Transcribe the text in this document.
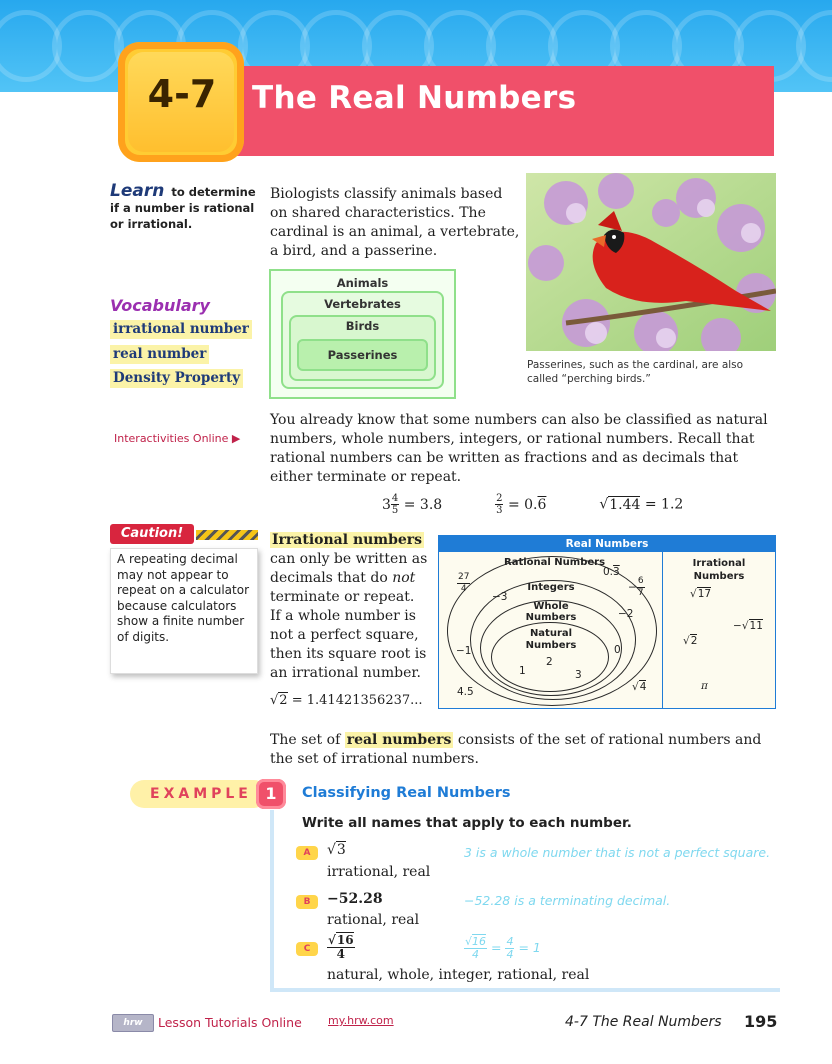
The Real Numbers
4-7
Learn to determine if a number is rational or irrational.
Biologists classify animals based on shared characteristics. The cardinal is an animal, a vertebrate, a bird, and a passerine.
Passerines, such as the cardinal, are also called “perching birds.”
Animals
Vertebrates
Birds
Passerines
Vocabulary
irrational number
real number
Density Property
Interactivities Online ▶
You already know that some numbers can also be classified as natural numbers, whole numbers, integers, or rational numbers. Recall that rational numbers can be written as fractions and as decimals that either terminate or repeat.
$3 \frac{4}{5} = 3.8$	$\frac{2}{3} = 0.6$	√1.44 = 1.2
Caution!
A repeating decimal may not appear to repeat on a calculator because calculators show a finite number of digits.
Irrational numbers can only be written as decimals that do not terminate or repeat. If a whole number is not a perfect square, then its square root is an irrational number.
√2 = 1.41421356237...
Real Numbers
Rational Numbers
Integers
Whole Numbers
Natural Numbers
Irrational Numbers
$\frac{27}{4}$	0.3
− $\frac{6}{7}$
−3
−2
−1	0
2
1	3
√4
4.5
√17
−√11
√2
π
The set of real numbers consists of the set of rational numbers and the set of irrational numbers.
EXAMPLE 1	Classifying Real Numbers
Write all names that apply to each number.
A	√3	3 is a whole number that is not a perfect square.
irrational, real
B	−52.28	−52.28 is a terminating decimal.
rational, real
C	$\frac{√16}{4}$	$\frac{√16}{4} = \frac{4}{4} = 1$
natural, whole, integer, rational, real
hrw	Lesson Tutorials Online my.hrw.com	4-7 The Real Numbers 195
